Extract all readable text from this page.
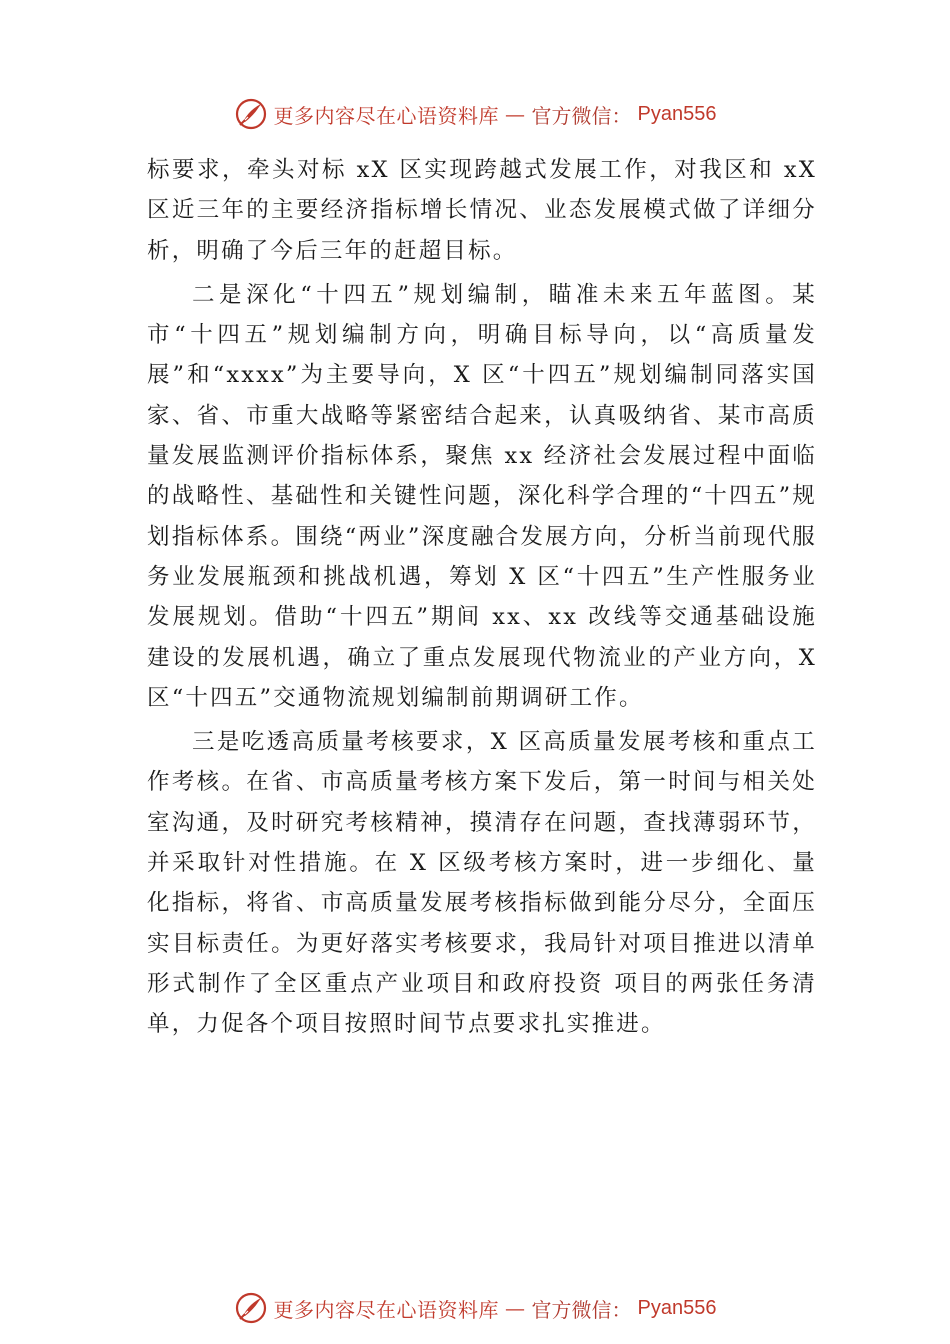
更多内容尽在心语资料库 — 官方微信： Pyan556

标要求，牵头对标 xX 区实现跨越式发展工作，对我区和 xX 区近三年的主要经济指标增长情况、业态发展模式做了详细分析，明确了今后三年的赶超目标。

二是深化“十四五”规划编制，瞄准未来五年蓝图。某市“十四五”规划编制方向，明确目标导向，以“高质量发展”和“xxxx”为主要导向，X 区“十四五”规划编制同落实国家、省、市重大战略等紧密结合起来，认真吸纳省、某市高质量发展监测评价指标体系，聚焦 xx 经济社会发展过程中面临的战略性、基础性和关键性问题，深化科学合理的“十四五”规划指标体系。围绕“两业”深度融合发展方向，分析当前现代服务业发展瓶颈和挑战机遇，筹划 X 区“十四五”生产性服务业发展规划。借助“十四五”期间 xx、xx 改线等交通基础设施建设的发展机遇，确立了重点发展现代物流业的产业方向，X 区“十四五”交通物流规划编制前期调研工作。

三是吃透高质量考核要求，X 区高质量发展考核和重点工作考核。在省、市高质量考核方案下发后，第一时间与相关处室沟通，及时研究考核精神，摸清存在问题，查找薄弱环节，并采取针对性措施。在 X 区级考核方案时，进一步细化、量化指标，将省、市高质量发展考核指标做到能分尽分，全面压实目标责任。为更好落实考核要求，我局针对项目推进以清单形式制作了全区重点产业项目和政府投资 项目的两张任务清单，力促各个项目按照时间节点要求扎实推进。

更多内容尽在心语资料库 — 官方微信： Pyan556
